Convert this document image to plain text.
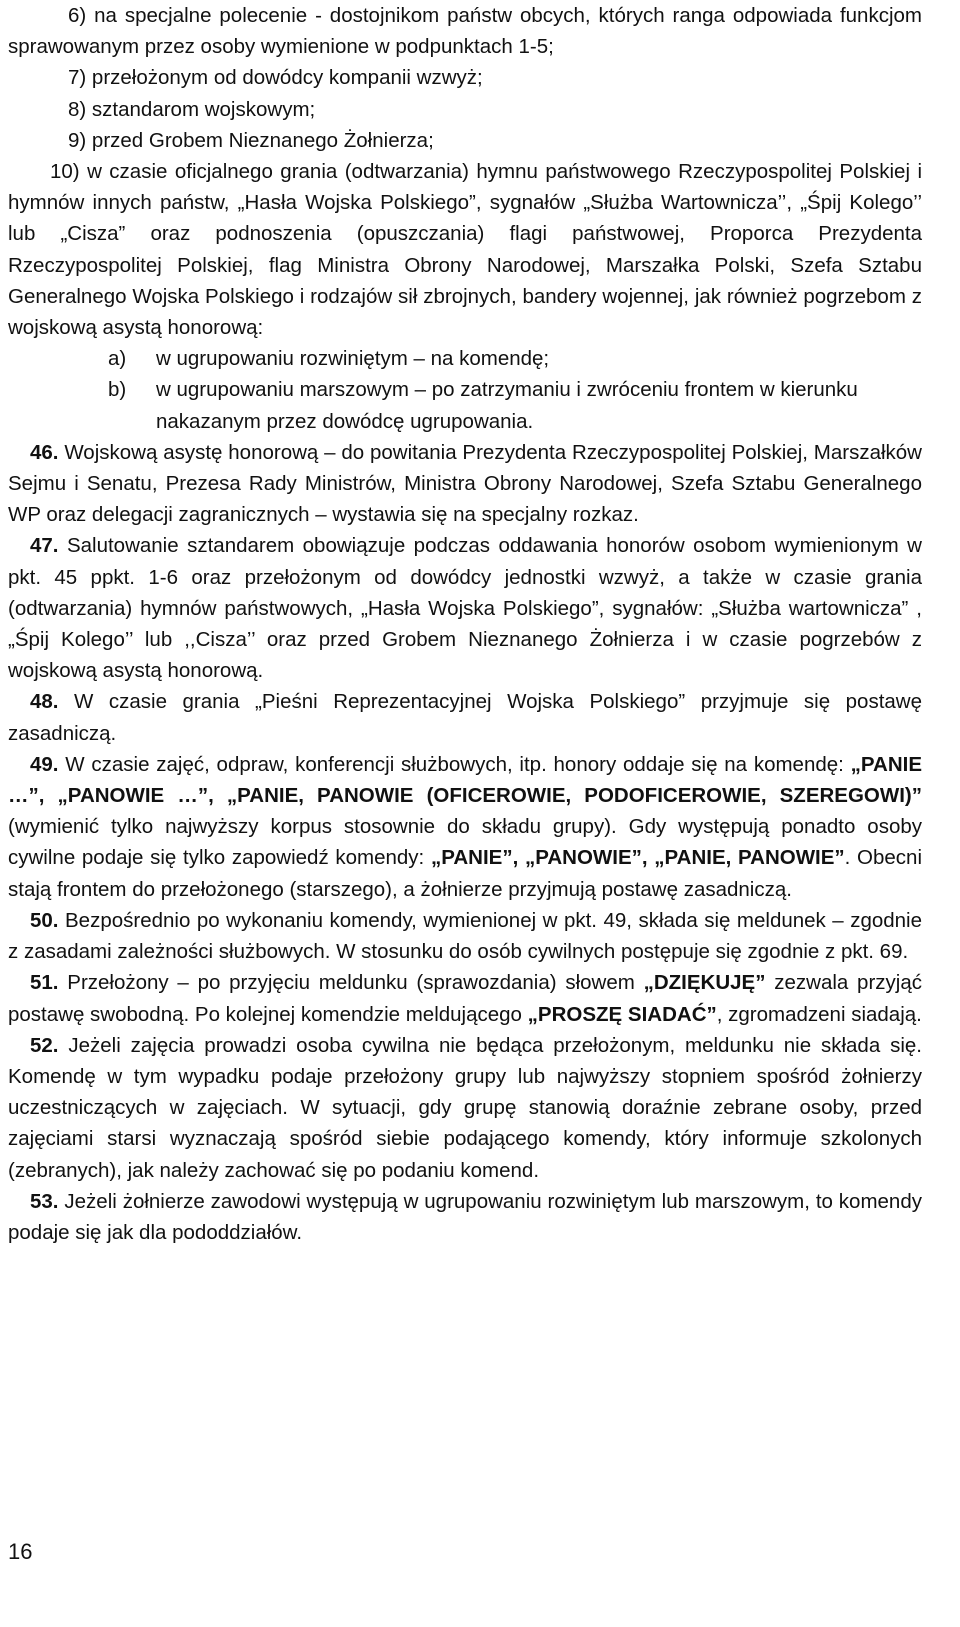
6) na specjalne polecenie - dostojnikom państw obcych, których ranga odpowiada funkcjom sprawowanym przez osoby wymienione w podpunktach 1-5;

7) przełożonym od dowódcy kompanii wzwyż;

8) sztandarom wojskowym;

9) przed Grobem Nieznanego Żołnierza;

10) w czasie oficjalnego grania (odtwarzania) hymnu państwowego Rzeczypospolitej Polskiej i hymnów innych państw, „Hasła Wojska Polskiego”, sygnałów „Służba Wartownicza’’, „Śpij Kolego’’ lub „Cisza” oraz podnoszenia (opuszczania) flagi państwowej, Proporca Prezydenta Rzeczypospolitej Polskiej, flag Ministra Obrony Narodowej, Marszałka Polski, Szefa Sztabu Generalnego Wojska Polskiego i rodzajów sił zbrojnych, bandery wojennej, jak również pogrzebom z wojskową asystą honorową:

a)	w ugrupowaniu rozwiniętym – na komendę;
b)	w ugrupowaniu marszowym – po zatrzymaniu i zwróceniu frontem w kierunku nakazanym przez dowódcę ugrupowania.

46. Wojskową asystę honorową – do powitania Prezydenta Rzeczypospolitej Polskiej, Marszałków Sejmu i Senatu, Prezesa Rady Ministrów, Ministra Obrony Narodowej, Szefa Sztabu Generalnego WP oraz delegacji zagranicznych – wystawia się na specjalny rozkaz.

47. Salutowanie sztandarem obowiązuje podczas oddawania honorów osobom wymienionym w pkt. 45 ppkt. 1-6 oraz przełożonym od dowódcy jednostki wzwyż, a także w czasie grania (odtwarzania) hymnów państwowych, „Hasła Wojska Polskiego”, sygnałów: „Służba wartownicza” , „Śpij Kolego’’ lub ,,Cisza’’ oraz przed Grobem Nieznanego Żołnierza i w czasie pogrzebów z wojskową asystą honorową.

48. W czasie grania „Pieśni Reprezentacyjnej Wojska Polskiego” przyjmuje się postawę zasadniczą.

49. W czasie zajęć, odpraw, konferencji służbowych, itp. honory oddaje się na komendę: „PANIE …”, „PANOWIE …”, „PANIE, PANOWIE (OFICEROWIE, PODOFICEROWIE, SZEREGOWI)” (wymienić tylko najwyższy korpus stosownie do składu grupy). Gdy występują ponadto osoby cywilne podaje się tylko zapowiedź komendy: „PANIE”, „PANOWIE”, „PANIE, PANOWIE”. Obecni stają frontem do przełożonego (starszego), a żołnierze przyjmują postawę zasadniczą.

50. Bezpośrednio po wykonaniu komendy, wymienionej w pkt. 49, składa się meldunek – zgodnie z zasadami zależności służbowych. W stosunku do osób cywilnych postępuje się zgodnie z pkt. 69.

51. Przełożony – po przyjęciu meldunku (sprawozdania) słowem „DZIĘKUJĘ” zezwala przyjąć postawę swobodną. Po kolejnej komendzie meldującego „PROSZĘ SIADAĆ”, zgromadzeni siadają.

52. Jeżeli zajęcia prowadzi osoba cywilna nie będąca przełożonym, meldunku nie składa się. Komendę w tym wypadku podaje przełożony grupy lub najwyższy stopniem spośród żołnierzy uczestniczących w zajęciach. W sytuacji, gdy grupę stanowią doraźnie zebrane osoby, przed zajęciami starsi wyznaczają spośród siebie podającego komendy, który informuje szkolonych (zebranych), jak należy zachować się po podaniu komend.

53. Jeżeli żołnierze zawodowi występują w ugrupowaniu rozwiniętym lub marszowym, to komendy podaje się jak dla pododdziałów.

16
